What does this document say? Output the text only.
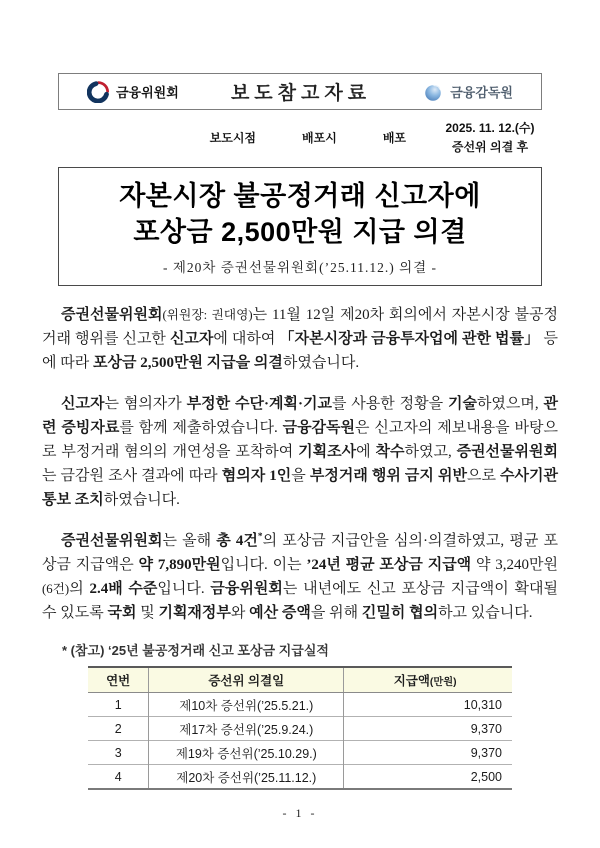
금융위원회	보도참고자료	금융감독원
보도시점	배포시	배포
2025. 11. 12.(수)
증선위 의결 후
자본시장 불공정거래 신고자에
포상금 2,500만원 지급 의결
- 제20차 증권선물위원회(’25.11.12.) 의결 -

증권선물위원회(위원장: 권대영)는 11월 12일 제20차 회의에서 자본시장 불공정거래 행위를 신고한 신고자에 대하여 「자본시장과 금융투자업에 관한 법률」 등에 따라 포상금 2,500만원 지급을 의결하였습니다.

신고자는 혐의자가 부정한 수단·계획·기교를 사용한 정황을 기술하였으며, 관련 증빙자료를 함께 제출하였습니다. 금융감독원은 신고자의 제보내용을 바탕으로 부정거래 혐의의 개연성을 포착하여 기획조사에 착수하였고, 증권선물위원회는 금감원 조사 결과에 따라 혐의자 1인을 부정거래 행위 금지 위반으로 수사기관 통보 조치하였습니다.

증권선물위원회는 올해 총 4건*의 포상금 지급안을 심의·의결하였고, 평균 포상금 지급액은 약 7,890만원입니다. 이는 ’24년 평균 포상금 지급액 약 3,240만원(6건)의 2.4배 수준입니다. 금융위원회는 내년에도 신고 포상금 지급액이 확대될 수 있도록 국회 및 기획재정부와 예산 증액을 위해 긴밀히 협의하고 있습니다.

* (참고) ‘25년 불공정거래 신고 포상금 지급실적
연번	증선위 의결일	지급액(만원)
1	제10차 증선위(’25.5.21.)	10,310
2	제17차 증선위(’25.9.24.)	9,370
3	제19차 증선위(’25.10.29.)	9,370
4	제20차 증선위(’25.11.12.)	2,500
- 1 -
